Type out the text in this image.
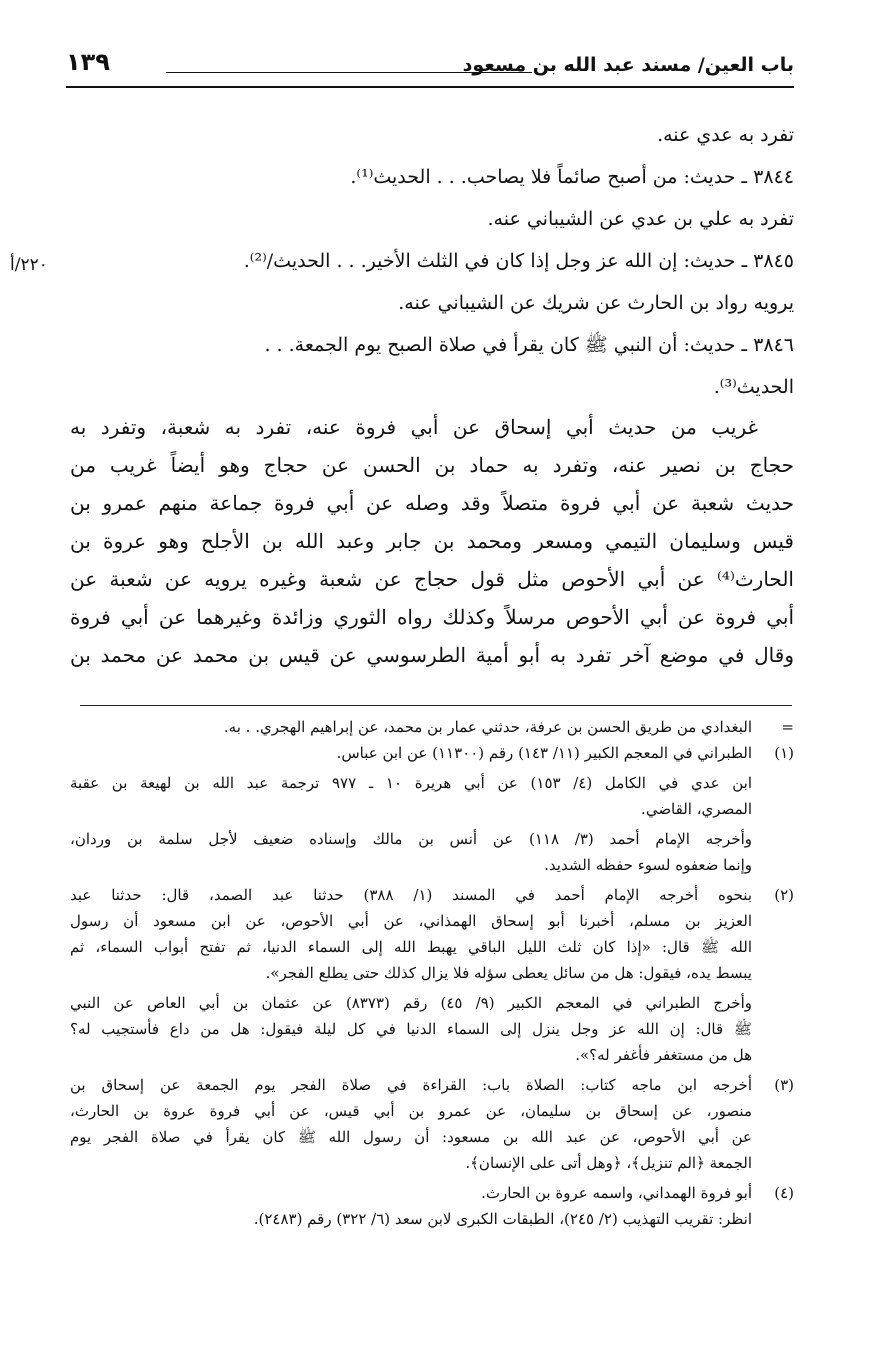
باب العين/ مسند عبد الله بن مسعود
١٣٩
تفرد به عدي عنه.
٣٨٤٤ ـ حديث: من أصبح صائماً فلا يصاحب. . . الحديث⁽¹⁾.
تفرد به علي بن عدي عن الشيباني عنه.
٣٨٤٥ ـ حديث: إن الله عز وجل إذا كان في الثلث الأخير. . . الحديث/⁽²⁾.
يرويه رواد بن الحارث عن شريك عن الشيباني عنه.
٣٨٤٦ ـ حديث: أن النبي ﷺ كان يقرأ في صلاة الصبح يوم الجمعة. . .
الحديث⁽³⁾.
٢٢٠/أ
غريب من حديث أبي إسحاق عن أبي فروة عنه، تفرد به شعبة، وتفرد به
حجاج بن نصير عنه، وتفرد به حماد بن الحسن عن حجاج وهو أيضاً غريب من
حديث شعبة عن أبي فروة متصلاً وقد وصله عن أبي فروة جماعة منهم عمرو بن
قيس وسليمان التيمي ومسعر ومحمد بن جابر وعبد الله بن الأجلح وهو عروة بن
الحارث⁽⁴⁾ عن أبي الأحوص مثل قول حجاج عن شعبة وغيره يرويه عن شعبة عن
أبي فروة عن أبي الأحوص مرسلاً وكذلك رواه الثوري وزائدة وغيرهما عن أبي فروة
وقال في موضع آخر تفرد به أبو أمية الطرسوسي عن قيس بن محمد عن محمد بن
=
البغدادي من طريق الحسن بن عرفة، حدثني عمار بن محمد، عن إبراهيم الهجري. . به.
(١)
الطبراني في المعجم الكبير (١١/ ١٤٣) رقم (١١٣٠٠) عن ابن عباس.
ابن عدي في الكامل (٤/ ١٥٣) عن أبي هريرة ١٠ ـ ٩٧٧ ترجمة عبد الله بن لهيعة بن عقبة
المصري، القاضي.
وأخرجه الإمام أحمد (٣/ ١١٨) عن أنس بن مالك وإسناده ضعيف لأجل سلمة بن وردان،
وإنما ضعفوه لسوء حفظه الشديد.
(٢)
بنحوه أخرجه الإمام أحمد في المسند (١/ ٣٨٨) حدثنا عبد الصمد، قال: حدثنا عبد
العزيز بن مسلم، أخبرنا أبو إسحاق الهمذاني، عن أبي الأحوص، عن ابن مسعود أن رسول
الله ﷺ قال: «إذا كان ثلث الليل الباقي يهبط الله إلى السماء الدنيا، ثم تفتح أبواب السماء، ثم
يبسط يده، فيقول: هل من سائل يعطى سؤله فلا يزال كذلك حتى يطلع الفجر».
وأخرج الطبراني في المعجم الكبير (٩/ ٤٥) رقم (٨٣٧٣) عن عثمان بن أبي العاص عن النبي
ﷺ قال: إن الله عز وجل ينزل إلى السماء الدنيا في كل ليلة فيقول: هل من داع فأستجيب له؟
هل من مستغفر فأغفر له؟».
(٣)
أخرجه ابن ماجه كتاب: الصلاة باب: القراءة في صلاة الفجر يوم الجمعة عن إسحاق بن
منصور، عن إسحاق بن سليمان، عن عمرو بن أبي قيس، عن أبي فروة عروة بن الحارث،
عن أبي الأحوص، عن عبد الله بن مسعود: أن رسول الله ﷺ كان يقرأ في صلاة الفجر يوم
الجمعة ﴿الم تنزيل﴾، ﴿وهل أتى على الإنسان﴾.
(٤)
أبو فروة الهمداني، واسمه عروة بن الحارث.
انظر: تقريب التهذيب (٢/ ٢٤٥)، الطبقات الكبرى لابن سعد (٦/ ٣٢٢) رقم (٢٤٨٣).
